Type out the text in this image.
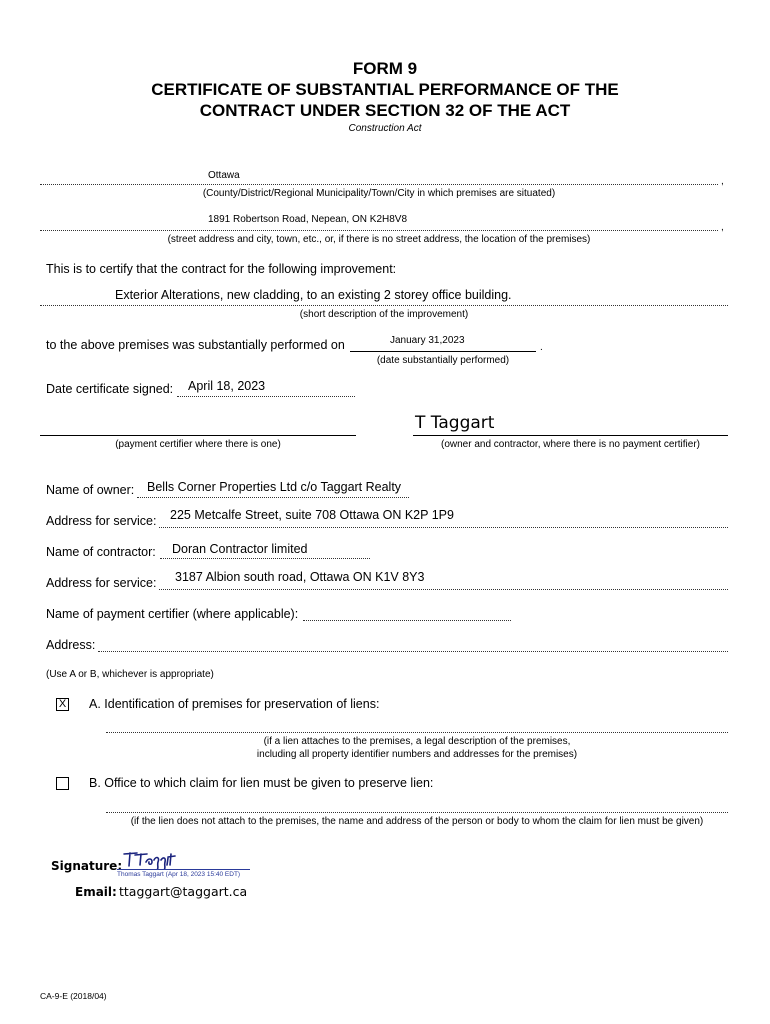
FORM 9
CERTIFICATE OF SUBSTANTIAL PERFORMANCE OF THE
CONTRACT UNDER SECTION 32 OF THE ACT
Construction Act
Ottawa
,
(County/District/Regional Municipality/Town/City in which premises are situated)
1891 Robertson Road, Nepean, ON K2H8V8
,
(street address and city, town, etc., or, if there is no street address, the location of the premises)
This is to certify that the contract for the following improvement:
Exterior Alterations, new cladding, to an existing 2 storey office building.
(short description of the improvement)
to the above premises was substantially performed on	January 31,2023
.
(date substantially performed)
Date certificate signed: April 18, 2023
(payment certifier where there is one)
T Taggart
(owner and contractor, where there is no payment certifier)
Name of owner: Bells Corner Properties Ltd c/o Taggart Realty
Address for service: 225 Metcalfe Street, suite 708 Ottawa ON K2P 1P9
Name of contractor: Doran Contractor limited
Address for service: 3187 Albion south road, Ottawa ON K1V 8Y3
Name of payment certifier (where applicable):
Address:
(Use A or B, whichever is appropriate)
X A. Identification of premises for preservation of liens:
(if a lien attaches to the premises, a legal description of the premises,
including all property identifier numbers and addresses for the premises)
B. Office to which claim for lien must be given to preserve lien:
(if the lien does not attach to the premises, the name and address of the person or body to whom the claim for lien must be given)
Signature:
Thomas Taggart (Apr 18, 2023 15:40 EDT)
Email: ttaggart@taggart.ca
CA-9-E (2018/04)
